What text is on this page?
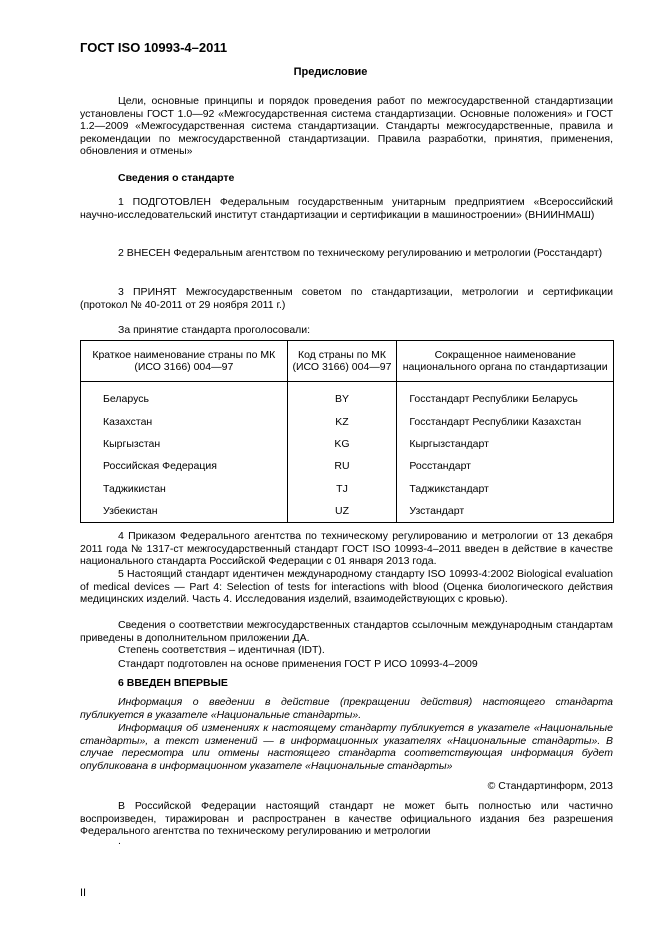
ГОСТ ISO 10993-4–2011
Предисловие
Цели, основные принципы и порядок проведения работ по межгосударственной стандартизации установлены ГОСТ 1.0—92 «Межгосударственная система стандартизации. Основные положения» и ГОСТ 1.2—2009 «Межгосударственная система стандартизации. Стандарты межгосударственные, правила и рекомендации по межгосударственной стандартизации. Правила разработки, принятия, применения, обновления и отмены»
Сведения о стандарте
1 ПОДГОТОВЛЕН Федеральным государственным унитарным предприятием «Всероссийский научно-исследовательский институт стандартизации и сертификации в машиностроении» (ВНИИНМАШ)
2 ВНЕСЕН Федеральным агентством по техническому регулированию и метрологии (Росстандарт)
3 ПРИНЯТ Межгосударственным советом по стандартизации, метрологии и сертификации (протокол № 40-2011 от 29 ноября 2011 г.)
За принятие стандарта проголосовали:
Краткое наименование страны по МК (ИСО 3166) 004—97	Код страны по МК (ИСО 3166) 004—97	Сокращенное наименование национального органа по стандартизации
Беларусь	BY	Госстандарт Республики Беларусь
Казахстан	KZ	Госстандарт Республики Казахстан
Кыргызстан	KG	Кыргызстандарт
Российская Федерация	RU	Росстандарт
Таджикистан	TJ	Таджикстандарт
Узбекистан	UZ	Узстандарт
4 Приказом Федерального агентства по техническому регулированию и метрологии от 13 декабря 2011 года № 1317-ст межгосударственный стандарт ГОСТ ISO 10993-4–2011 введен в действие в качестве национального стандарта Российской Федерации с 01 января 2013 года.
5 Настоящий стандарт идентичен международному стандарту ISO 10993-4:2002 Biological evaluation of medical devices — Part 4: Selection of tests for interactions with blood (Оценка биологического действия медицинских изделий. Часть 4. Исследования изделий, взаимодействующих с кровью).
Сведения о соответствии межгосударственных стандартов ссылочным международным стандартам приведены в дополнительном приложении ДА.
Степень соответствия – идентичная (IDT).
Стандарт подготовлен на основе применения ГОСТ Р ИСО 10993-4–2009
6 ВВЕДЕН ВПЕРВЫЕ
Информация о введении в действие (прекращении действия) настоящего стандарта публикуется в указателе «Национальные стандарты».
Информация об изменениях к настоящему стандарту публикуется в указателе «Национальные стандарты», а текст изменений — в информационных указателях «Национальные стандарты». В случае пересмотра или отмены настоящего стандарта соответствующая информация будет опубликована в информационном указателе «Национальные стандарты»
© Стандартинформ, 2013
В Российской Федерации настоящий стандарт не может быть полностью или частично воспроизведен, тиражирован и распространен в качестве официального издания без разрешения Федерального агентства по техническому регулированию и метрологии
.
II
